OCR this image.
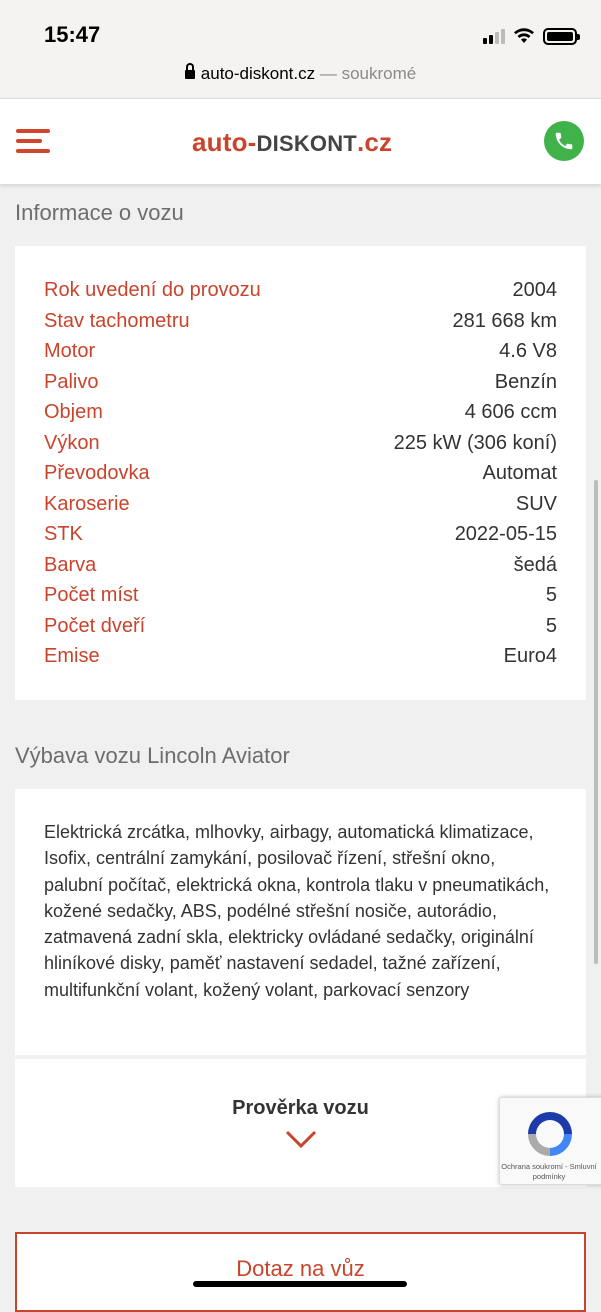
15:47
auto-diskont.cz — soukromé
auto-DISKONT.cz
Informace o vozu
Rok uvedení do provozu	2004
Stav tachometru	281 668 km
Motor	4.6 V8
Palivo	Benzín
Objem	4 606 ccm
Výkon	225 kW (306 koní)
Převodovka	Automat
Karoserie	SUV
STK	2022-05-15
Barva	šedá
Počet míst	5
Počet dveří	5
Emise	Euro4
Výbava vozu Lincoln Aviator
Elektrická zrcátka, mlhovky, airbagy, automatická klimatizace, Isofix, centrální zamykání, posilovač řízení, střešní okno, palubní počítač, elektrická okna, kontrola tlaku v pneumatikách, kožené sedačky, ABS, podélné střešní nosiče, autorádio, zatmavená zadní skla, elektricky ovládané sedačky, originální hliníkové disky, paměť nastavení sedadel, tažné zařízení, multifunkční volant, kožený volant, parkovací senzory
Prověrka vozu
Ochrana soukromí - Smluvní podmínky
Dotaz na vůz
